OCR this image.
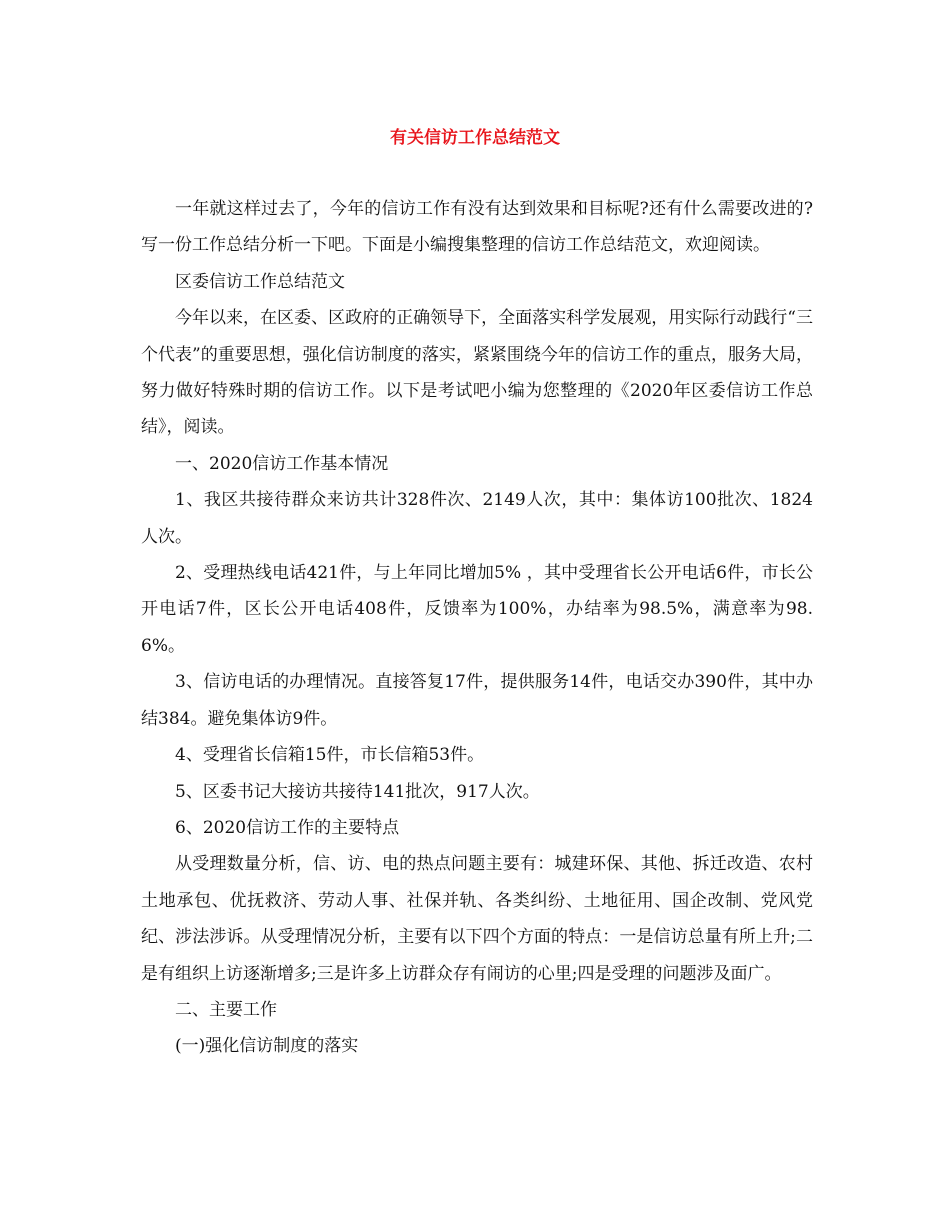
有关信访工作总结范文

一年就这样过去了，今年的信访工作有没有达到效果和目标呢?还有什么需要改进的?写一份工作总结分析一下吧。下面是小编搜集整理的信访工作总结范文，欢迎阅读。

区委信访工作总结范文

今年以来，在区委、区政府的正确领导下，全面落实科学发展观，用实际行动践行“三个代表”的重要思想，强化信访制度的落实，紧紧围绕今年的信访工作的重点，服务大局，努力做好特殊时期的信访工作。以下是考试吧小编为您整理的《2020年区委信访工作总结》，阅读。

一、2020信访工作基本情况

1、我区共接待群众来访共计328件次、2149人次，其中：集体访100批次、1824人次。

2、受理热线电话421件，与上年同比增加5% ，其中受理省长公开电话6件，市长公开电话7件，区长公开电话408件，反馈率为100%，办结率为98.5%，满意率为98.6%。

3、信访电话的办理情况。直接答复17件，提供服务14件，电话交办390件，其中办结384。避免集体访9件。

4、受理省长信箱15件，市长信箱53件。

5、区委书记大接访共接待141批次，917人次。

6、2020信访工作的主要特点

从受理数量分析，信、访、电的热点问题主要有：城建环保、其他、拆迁改造、农村土地承包、优抚救济、劳动人事、社保并轨、各类纠纷、土地征用、国企改制、党风党纪、涉法涉诉。从受理情况分析，主要有以下四个方面的特点：一是信访总量有所上升;二是有组织上访逐渐增多;三是许多上访群众存有闹访的心里;四是受理的问题涉及面广。

二、主要工作

(一)强化信访制度的落实
